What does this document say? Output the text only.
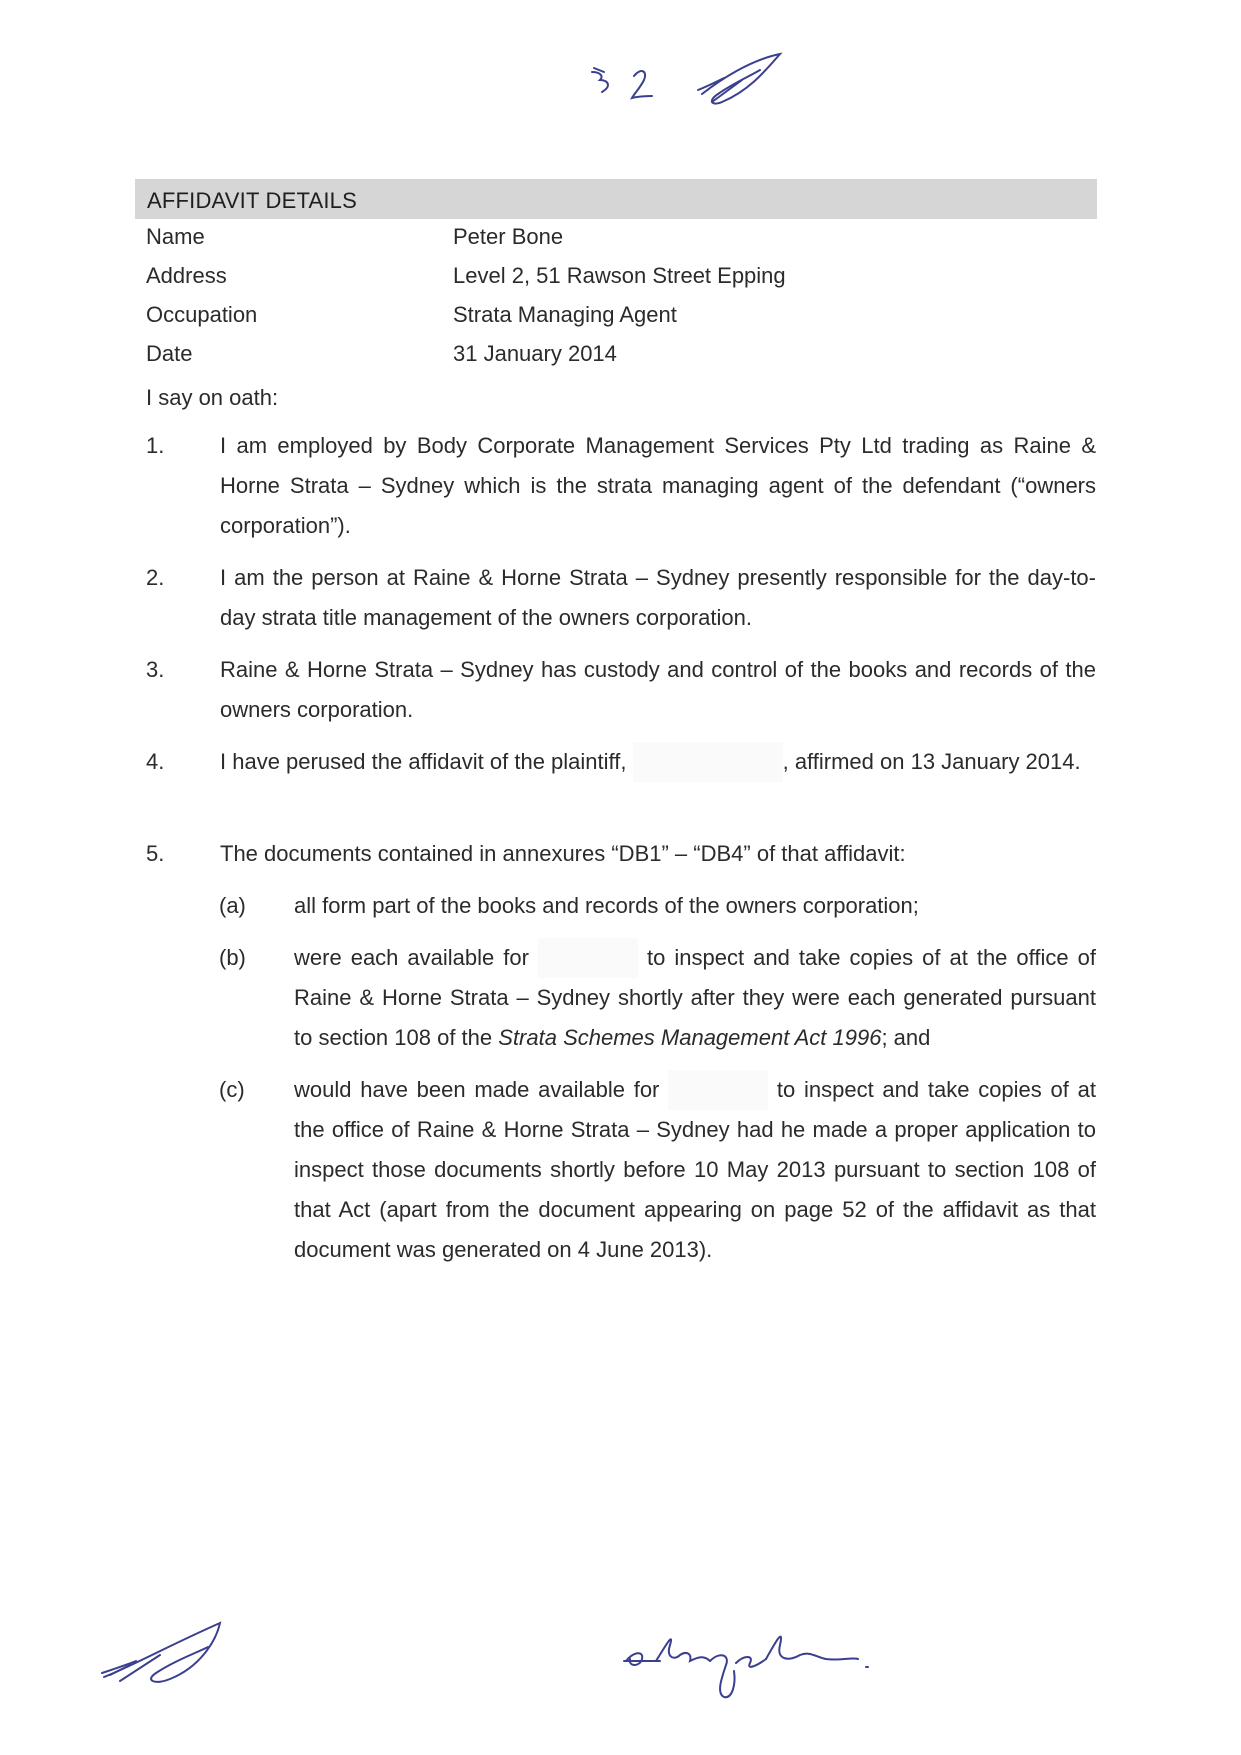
AFFIDAVIT DETAILS
Name	Peter Bone
Address	Level 2, 51 Rawson Street Epping
Occupation	Strata Managing Agent
Date	31 January 2014
I say on oath:
1.	I am employed by Body Corporate Management Services Pty Ltd trading as Raine & Horne Strata – Sydney which is the strata managing agent of the defendant (“owners corporation”).
2.	I am the person at Raine & Horne Strata – Sydney presently responsible for the day-to-day strata title management of the owners corporation.
3.	Raine & Horne Strata – Sydney has custody and control of the books and records of the owners corporation.
4.	I have perused the affidavit of the plaintiff,	, affirmed on 13 January 2014.
5.	The documents contained in annexures “DB1” – “DB4” of that affidavit:
(a) all form part of the books and records of the owners corporation;
(b) were each available for	to inspect and take copies of at the office of Raine & Horne Strata – Sydney shortly after they were each generated pursuant to section 108 of the Strata Schemes Management Act 1996; and
(c) would have been made available for	to inspect and take copies of at the office of Raine & Horne Strata – Sydney had he made a proper application to inspect those documents shortly before 10 May 2013 pursuant to section 108 of that Act (apart from the document appearing on page 52 of the affidavit as that document was generated on 4 June 2013).
